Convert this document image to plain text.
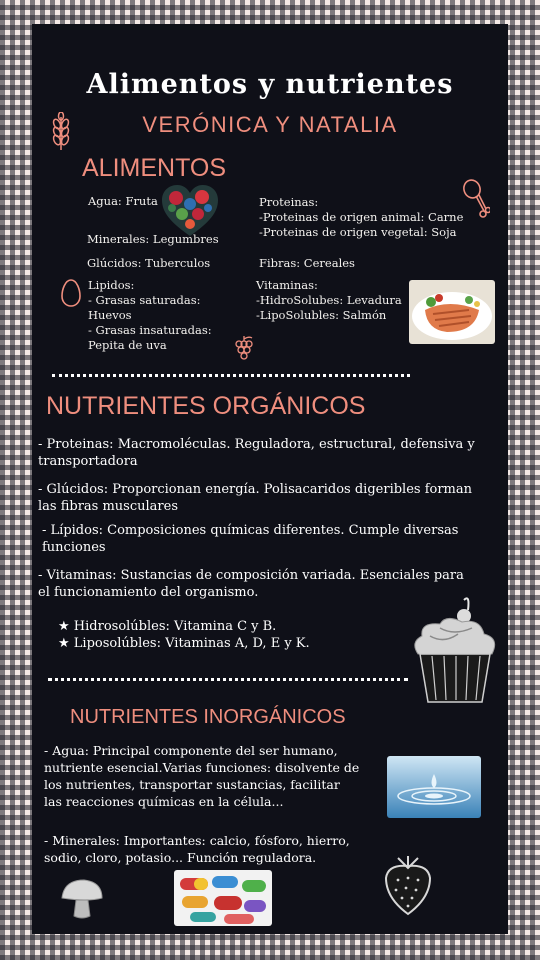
Alimentos y nutrientes
VERÓNICA Y NATALIA
ALIMENTOS
Agua: Fruta
Minerales: Legumbres
Glúcidos: Tuberculos
Proteinas:
-Proteinas de origen animal: Carne
-Proteinas de origen vegetal: Soja
Fibras: Cereales
Lipidos:
- Grasas saturadas:
Huevos
- Grasas insaturadas:
Pepita de uva
Vitaminas:
-HidroSolubes: Levadura
-LipoSolubles: Salmón
NUTRIENTES ORGÁNICOS
- Proteinas: Macromoléculas. Reguladora, estructural, defensiva y
transportadora
- Glúcidos: Proporcionan energía. Polisacaridos digeribles forman
las fibras musculares
- Lípidos: Composiciones químicas diferentes. Cumple diversas
funciones
- Vitaminas: Sustancias de composición variada. Esenciales para
el funcionamiento del organismo.
★ Hidrosolúbles: Vitamina C y B.
★ Liposolúbles: Vitaminas A, D, E y K.
NUTRIENTES INORGÁNICOS
- Agua: Principal componente del ser humano,
nutriente esencial.Varias funciones: disolvente de
los nutrientes, transportar sustancias, facilitar
las reacciones químicas en la célula...
- Minerales: Importantes: calcio, fósforo, hierro,
sodio, cloro, potasio... Función reguladora.
